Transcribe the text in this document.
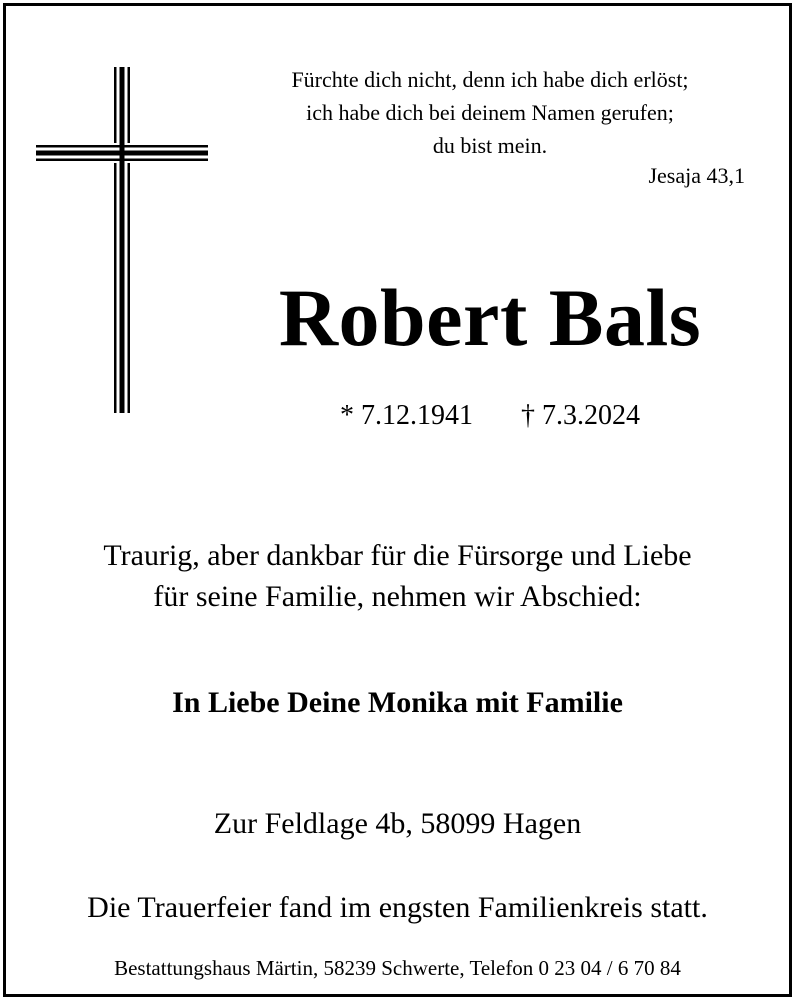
Fürchte dich nicht, denn ich habe dich erlöst;
ich habe dich bei deinem Namen gerufen;
du bist mein.
Jesaja 43,1
Robert Bals
* 7.12.1941 † 7.3.2024
Traurig, aber dankbar für die Fürsorge und Liebe
für seine Familie, nehmen wir Abschied:
In Liebe Deine Monika mit Familie
Zur Feldlage 4b, 58099 Hagen
Die Trauerfeier fand im engsten Familienkreis statt.
Bestattungshaus Märtin, 58239 Schwerte, Telefon 0 23 04 / 6 70 84
